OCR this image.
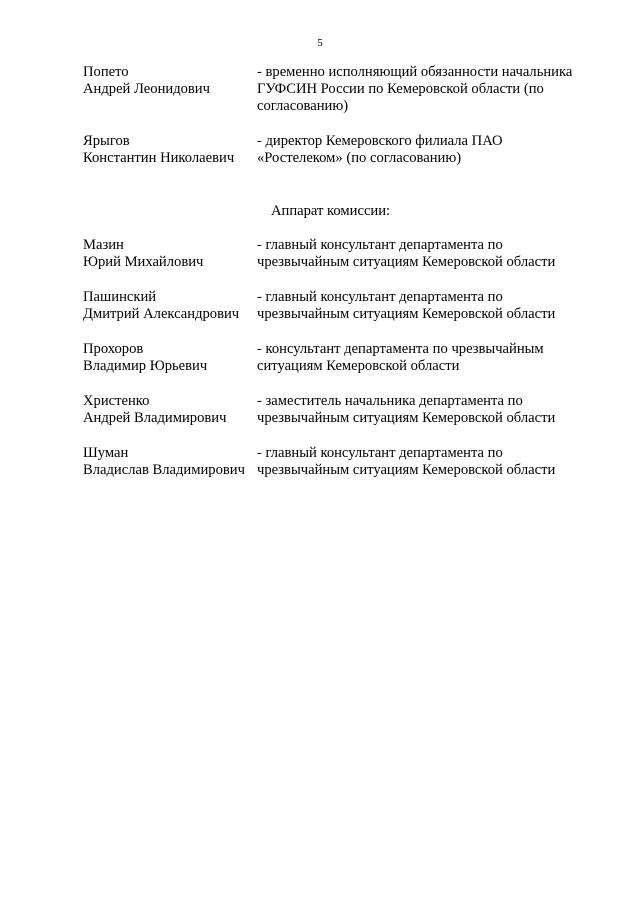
5
Попето
Андрей Леонидович
- временно исполняющий обязанности начальника
ГУФСИН России по Кемеровской области (по
согласованию)
Ярыгов
Константин Николаевич
- директор Кемеровского филиала ПАО
«Ростелеком» (по согласованию)
Аппарат комиссии:
Мазин
Юрий Михайлович
- главный консультант департамента по
чрезвычайным ситуациям Кемеровской области
Пашинский
Дмитрий Александрович
- главный консультант департамента по
чрезвычайным ситуациям Кемеровской области
Прохоров
Владимир Юрьевич
- консультант департамента по чрезвычайным
ситуациям Кемеровской области
Христенко
Андрей Владимирович
- заместитель начальника департамента по
чрезвычайным ситуациям Кемеровской области
Шуман
Владислав Владимирович
- главный консультант департамента по
чрезвычайным ситуациям Кемеровской области
